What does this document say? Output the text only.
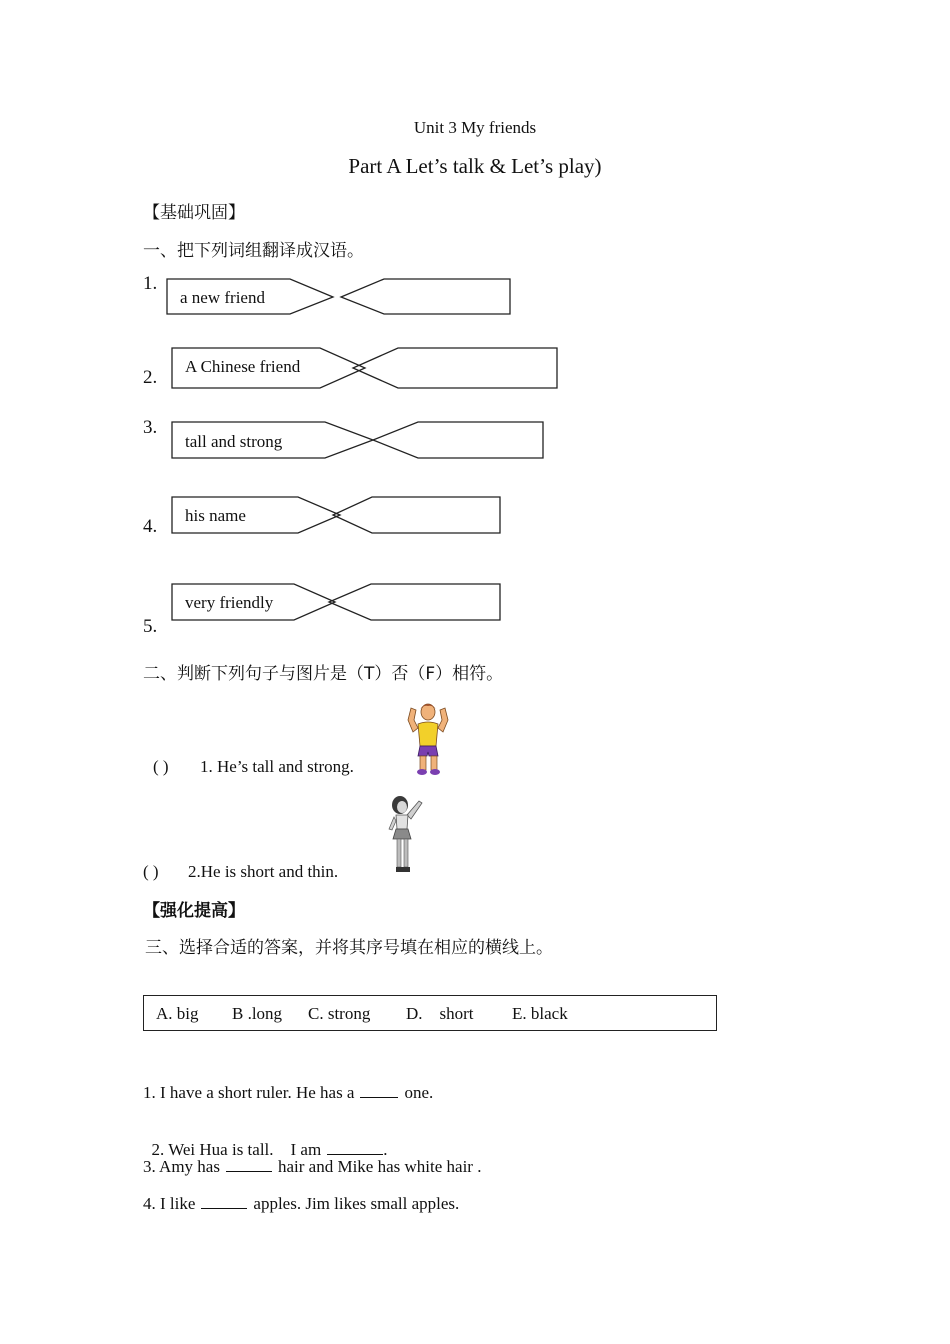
Unit 3 My friends
Part A Let’s talk & Let’s play)
【基础巩固】
一、把下列词组翻译成汉语。
1.
a new friend
2.
A Chinese friend
3.
tall and strong
4.
his name
5.
very friendly
二、判断下列句子与图片是（T）否（F）相符。
( ) 1. He’s tall and strong.
( ) 2.He is short and thin.
【强化提高】
三、选择合适的答案，并将其序号填在相应的横线上。
A. big B .long C. strong D.    short E. black
1. I have a short ruler. He has a	one.

2. Wei Hua is tall.    I am	.

3. Amy has	hair and Mike has white hair .
4. I like	apples. Jim likes small apples.
